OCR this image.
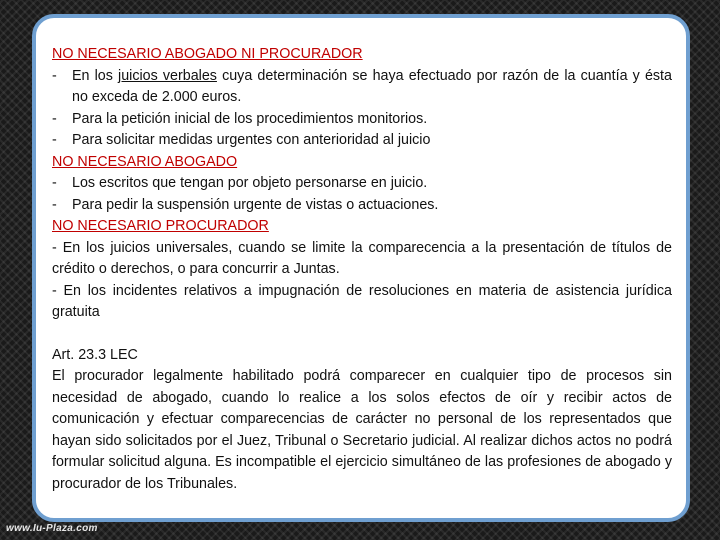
NO NECESARIO ABOGADO NI PROCURADOR

-	En los juicios verbales cuya determinación se haya efectuado por razón de la cuantía y ésta no exceda de 2.000 euros.
-	Para la petición inicial de los procedimientos monitorios.
-	Para solicitar medidas urgentes con anterioridad al juicio

NO NECESARIO ABOGADO

-	Los escritos que tengan por objeto personarse en juicio.
-	Para pedir la suspensión urgente de vistas o actuaciones.

NO NECESARIO PROCURADOR

- En los juicios universales, cuando se limite la comparecencia a la presentación de títulos de crédito o derechos, o para concurrir a Juntas.

- En los incidentes relativos a impugnación de resoluciones en materia de asistencia jurídica gratuita

Art. 23.3 LEC

El procurador legalmente habilitado podrá comparecer en cualquier tipo de procesos sin necesidad de abogado, cuando lo realice a los solos efectos de oír y recibir actos de comunicación y efectuar comparecencias de carácter no personal de los representados que hayan sido solicitados por el Juez, Tribunal o Secretario judicial. Al realizar dichos actos no podrá formular solicitud alguna. Es incompatible el ejercicio simultáneo de las profesiones de abogado y procurador de los Tribunales.

www.Iu-Plaza.com
